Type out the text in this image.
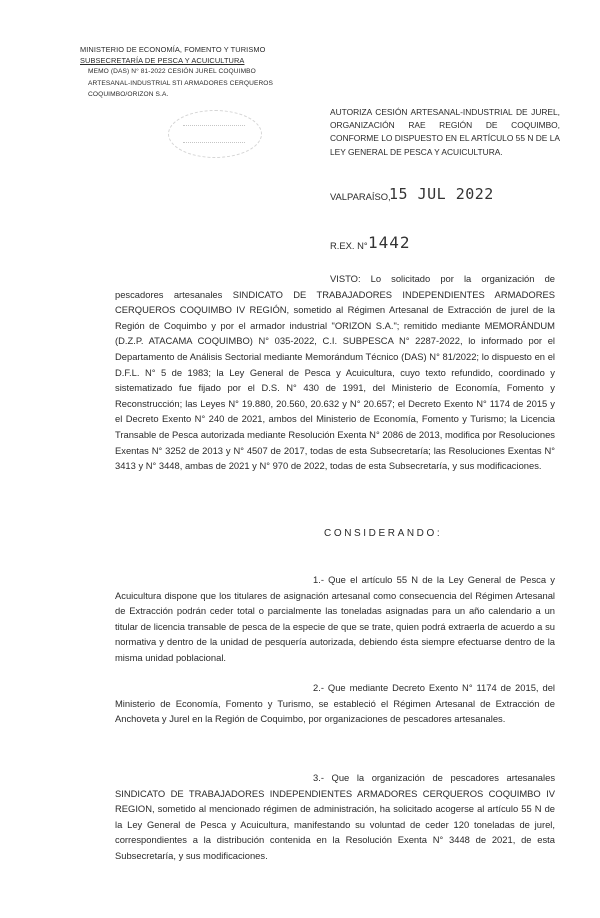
MINISTERIO DE ECONOMÍA, FOMENTO Y TURISMO
SUBSECRETARÍA DE PESCA Y ACUICULTURA
MEMO (DAS) N° 81-2022 CESIÓN JUREL COQUIMBO
ARTESANAL-INDUSTRIAL STI ARMADORES CERQUEROS
COQUIMBO/ORIZON S.A.
AUTORIZA CESIÓN ARTESANAL-INDUSTRIAL DE JUREL, ORGANIZACIÓN RAE REGIÓN DE COQUIMBO, CONFORME LO DISPUESTO EN EL ARTÍCULO 55 N DE LA LEY GENERAL DE PESCA Y ACUICULTURA.
VALPARAÍSO,
15 JUL 2022
R.EX. N° 1442

VISTO: Lo solicitado por la organización de pescadores artesanales SINDICATO DE TRABAJADORES INDEPENDIENTES ARMADORES CERQUEROS COQUIMBO IV REGIÓN, sometido al Régimen Artesanal de Extracción de jurel de la Región de Coquimbo y por el armador industrial "ORIZON S.A."; remitido mediante MEMORÁNDUM (D.Z.P. ATACAMA COQUIMBO) N° 035-2022, C.I. SUBPESCA N° 2287-2022, lo informado por el Departamento de Análisis Sectorial mediante Memorándum Técnico (DAS) N° 81/2022; lo dispuesto en el D.F.L. N° 5 de 1983; la Ley General de Pesca y Acuicultura, cuyo texto refundido, coordinado y sistematizado fue fijado por el D.S. N° 430 de 1991, del Ministerio de Economía, Fomento y Reconstrucción; las Leyes N° 19.880, 20.560, 20.632 y N° 20.657; el Decreto Exento N° 1174 de 2015 y el Decreto Exento N° 240 de 2021, ambos del Ministerio de Economía, Fomento y Turismo; la Licencia Transable de Pesca autorizada mediante Resolución Exenta N° 2086 de 2013, modifica por Resoluciones Exentas N° 3252 de 2013 y N° 4507 de 2017, todas de esta Subsecretaría; las Resoluciones Exentas N° 3413 y N° 3448, ambas de 2021 y N° 970 de 2022, todas de esta Subsecretaría, y sus modificaciones.

CONSIDERANDO:

1.- Que el artículo 55 N de la Ley General de Pesca y Acuicultura dispone que los titulares de asignación artesanal como consecuencia del Régimen Artesanal de Extracción podrán ceder total o parcialmente las toneladas asignadas para un año calendario a un titular de licencia transable de pesca de la especie de que se trate, quien podrá extraerla de acuerdo a su normativa y dentro de la unidad de pesquería autorizada, debiendo ésta siempre efectuarse dentro de la misma unidad poblacional.

2.- Que mediante Decreto Exento N° 1174 de 2015, del Ministerio de Economía, Fomento y Turismo, se estableció el Régimen Artesanal de Extracción de Anchoveta y Jurel en la Región de Coquimbo, por organizaciones de pescadores artesanales.

3.- Que la organización de pescadores artesanales SINDICATO DE TRABAJADORES INDEPENDIENTES ARMADORES CERQUEROS COQUIMBO IV REGION, sometido al mencionado régimen de administración, ha solicitado acogerse al artículo 55 N de la Ley General de Pesca y Acuicultura, manifestando su voluntad de ceder 120 toneladas de jurel, correspondientes a la distribución contenida en la Resolución Exenta N° 3448 de 2021, de esta Subsecretaría, y sus modificaciones.
